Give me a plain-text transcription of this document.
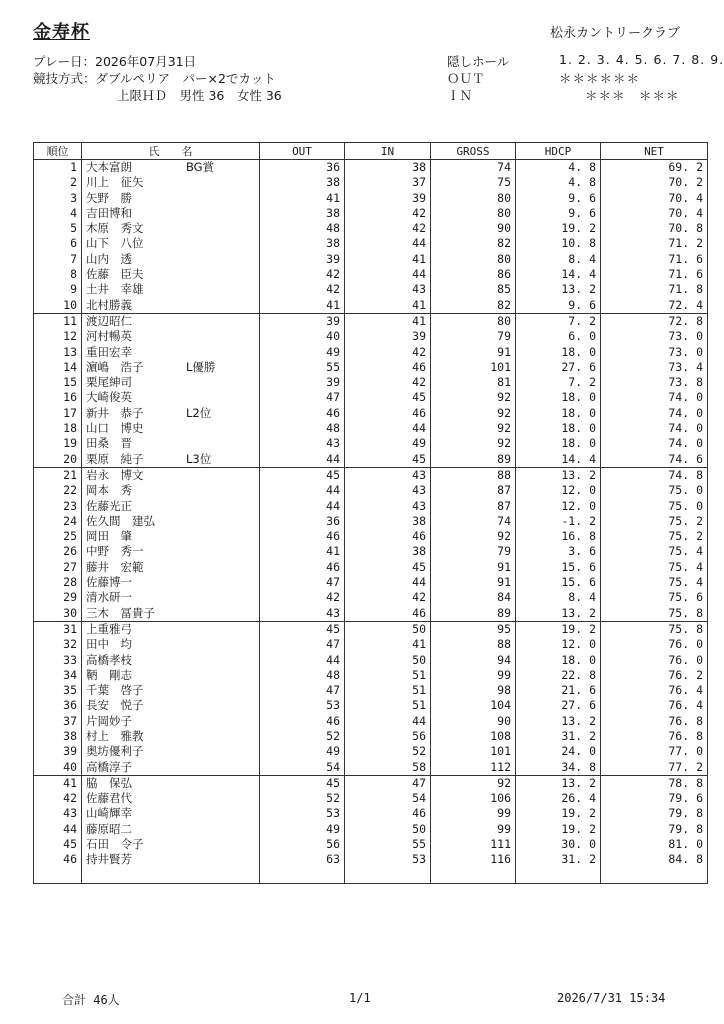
金寿杯	松永カントリークラブ
プレー日：2026年07月31日
競技方式：ダブルペリア　パー×2でカット
上限ＨＤ　男性 36　女性 36

隠しホール

	1. 2. 3. 4. 5. 6. 7. 8. 9.

ＯＵＴ

	＊＊＊＊＊＊

ＩＮ

	＊＊＊　＊＊＊

順位	氏　　名	OUT	IN	GROSS	HDCP	NET
1	大本富朗 BG賞	36	38	74	4. 8	69. 2
2	川上　征矢	38	37	75	4. 8	70. 2
3	矢野　勝	41	39	80	9. 6	70. 4
4	吉田博和	38	42	80	9. 6	70. 4
5	木原　秀文	48	42	90	19. 2	70. 8
6	山下　八位	38	44	82	10. 8	71. 2
7	山内　透	39	41	80	8. 4	71. 6
8	佐藤　臣夫	42	44	86	14. 4	71. 6
9	土井　幸雄	42	43	85	13. 2	71. 8
10	北村勝義	41	41	82	9. 6	72. 4
11	渡辺昭仁	39	41	80	7. 2	72. 8
12	河村暢英	40	39	79	6. 0	73. 0
13	重田宏幸	49	42	91	18. 0	73. 0
14	濵嶋　浩子 L優勝	55	46	101	27. 6	73. 4
15	栗尾紳司	39	42	81	7. 2	73. 8
16	大崎俊英	47	45	92	18. 0	74. 0
17	新井　恭子 L2位	46	46	92	18. 0	74. 0
18	山口　博史	48	44	92	18. 0	74. 0
19	田桑　晋	43	49	92	18. 0	74. 0
20	栗原　純子 L3位	44	45	89	14. 4	74. 6
21	岩永　博文	45	43	88	13. 2	74. 8
22	岡本　秀	44	43	87	12. 0	75. 0
23	佐藤光正	44	43	87	12. 0	75. 0
24	佐久間　建弘	36	38	74	-1. 2	75. 2
25	岡田　肇	46	46	92	16. 8	75. 2
26	中野　秀一	41	38	79	3. 6	75. 4
27	藤井　宏範	46	45	91	15. 6	75. 4
28	佐藤博一	47	44	91	15. 6	75. 4
29	清水研一	42	42	84	8. 4	75. 6
30	三木　冨貴子	43	46	89	13. 2	75. 8
31	上重雅弓	45	50	95	19. 2	75. 8
32	田中　均	47	41	88	12. 0	76. 0
33	高橋孝枝	44	50	94	18. 0	76. 0
34	鞆　剛志	48	51	99	22. 8	76. 2
35	千葉　啓子	47	51	98	21. 6	76. 4
36	長安　悦子	53	51	104	27. 6	76. 4
37	片岡妙子	46	44	90	13. 2	76. 8
38	村上　雅教	52	56	108	31. 2	76. 8
39	奥坊優利子	49	52	101	24. 0	77. 0
40	高橋淳子	54	58	112	34. 8	77. 2
41	脇　保弘	45	47	92	13. 2	78. 8
42	佐藤君代	52	54	106	26. 4	79. 6
43	山崎輝幸	53	46	99	19. 2	79. 8
44	藤原昭二	49	50	99	19. 2	79. 8
45	石田　令子	56	55	111	30. 0	81. 0
46	持井賢芳	63	53	116	31. 2	84. 8

合計 46人	1/1	2026/7/31 15:34
